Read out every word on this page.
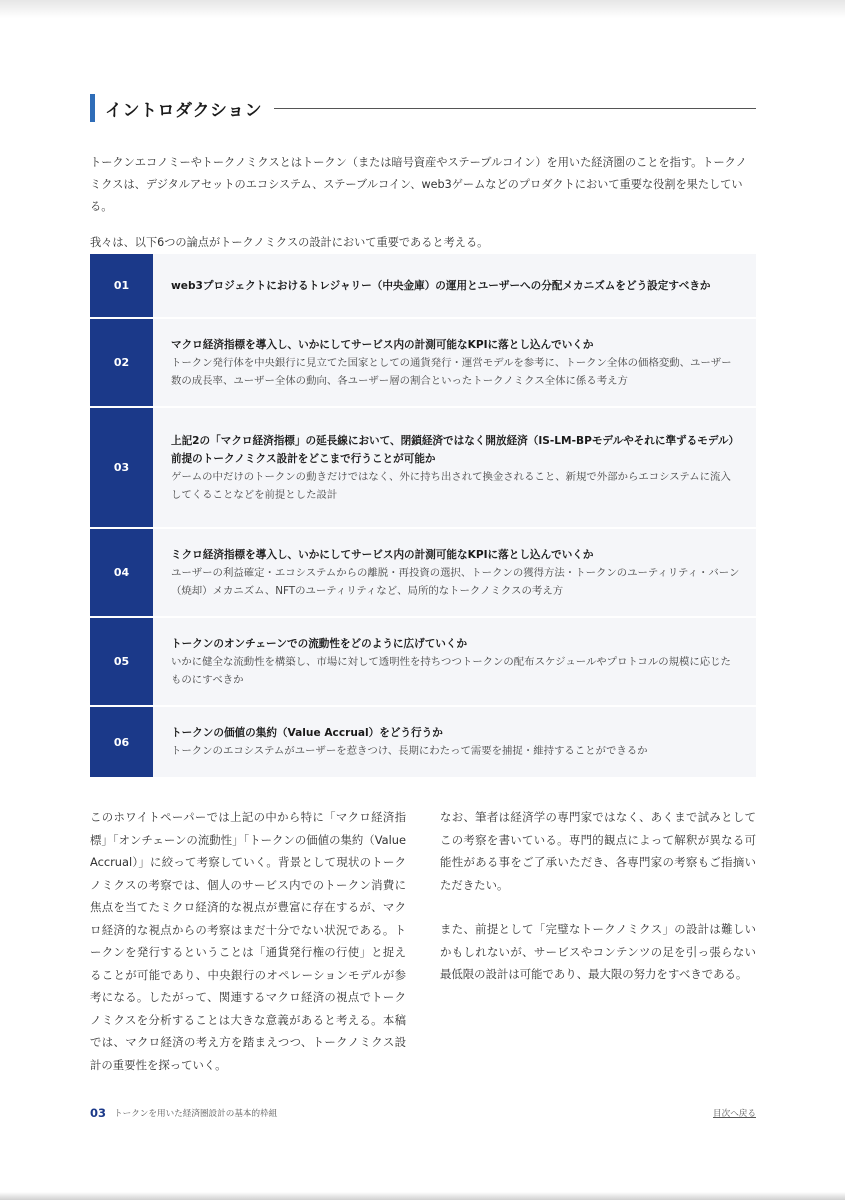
イントロダクション

トークンエコノミーやトークノミクスとはトークン（または暗号資産やステーブルコイン）を用いた経済圏のことを指す。トークノミクスは、デジタルアセットのエコシステム、ステーブルコイン、web3ゲームなどのプロダクトにおいて重要な役割を果たしている。

我々は、以下6つの論点がトークノミクスの設計において重要であると考える。

01	web3プロジェクトにおけるトレジャリー（中央金庫）の運用とユーザーへの分配メカニズムをどう設定すべきか
02
マクロ経済指標を導入し、いかにしてサービス内の計測可能なKPIに落とし込んでいくか
トークン発行体を中央銀行に見立てた国家としての通貨発行・運営モデルを参考に、トークン全体の価格変動、ユーザー数の成長率、ユーザー全体の動向、各ユーザー層の割合といったトークノミクス全体に係る考え方
03
上記2の「マクロ経済指標」の延長線において、閉鎖経済ではなく開放経済（IS-LM-BPモデルやそれに準ずるモデル）前提のトークノミクス設計をどこまで行うことが可能か
ゲームの中だけのトークンの動きだけではなく、外に持ち出されて換金されること、新規で外部からエコシステムに流入してくることなどを前提とした設計
04
ミクロ経済指標を導入し、いかにしてサービス内の計測可能なKPIに落とし込んでいくか
ユーザーの利益確定・エコシステムからの離脱・再投資の選択、トークンの獲得方法・トークンのユーティリティ・バーン（焼却）メカニズム、NFTのユーティリティなど、局所的なトークノミクスの考え方
05
トークンのオンチェーンでの流動性をどのように広げていくか
いかに健全な流動性を構築し、市場に対して透明性を持ちつつトークンの配布スケジュールやプロトコルの規模に応じたものにすべきか
06
トークンの価値の集約（Value Accrual）をどう行うか
トークンのエコシステムがユーザーを惹きつけ、長期にわたって需要を捕捉・維持することができるか

このホワイトペーパーでは上記の中から特に「マクロ経済指標」「オンチェーンの流動性」「トークンの価値の集約（Value Accrual）」に絞って考察していく。背景として現状のトークノミクスの考察では、個人のサービス内でのトークン消費に焦点を当てたミクロ経済的な視点が豊富に存在するが、マクロ経済的な視点からの考察はまだ十分でない状況である。トークンを発行するということは「通貨発行権の行使」と捉えることが可能であり、中央銀行のオペレーションモデルが参考になる。したがって、関連するマクロ経済の視点でトークノミクスを分析することは大きな意義があると考える。本稿では、マクロ経済の考え方を踏まえつつ、トークノミクス設計の重要性を探っていく。

なお、筆者は経済学の専門家ではなく、あくまで試みとしてこの考察を書いている。専門的観点によって解釈が異なる可能性がある事をご了承いただき、各専門家の考察もご指摘いただきたい。

また、前提として「完璧なトークノミクス」の設計は難しいかもしれないが、サービスやコンテンツの足を引っ張らない最低限の設計は可能であり、最大限の努力をすべきである。

03 トークンを用いた経済圏設計の基本的枠組	目次へ戻る
